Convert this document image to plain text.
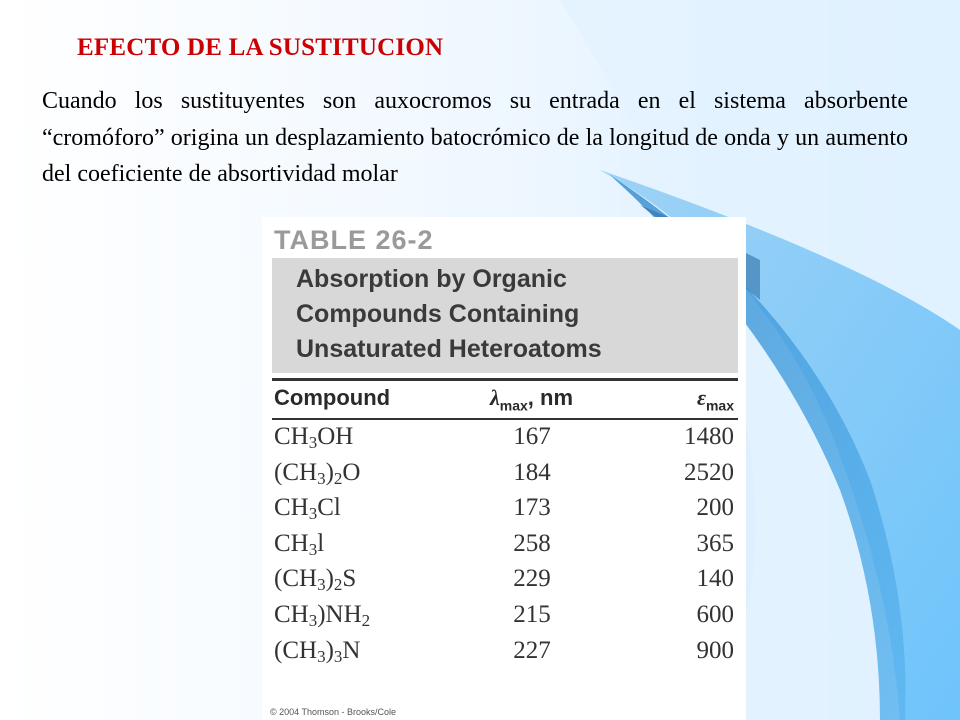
EFECTO DE LA SUSTITUCION
Cuando los sustituyentes son auxocromos su entrada en el sistema absorbente “cromóforo” origina un desplazamiento batocrómico de la longitud de onda y un aumento del coeficiente de absortividad molar
TABLE 26-2
Absorption by Organic
Compounds Containing
Unsaturated Heteroatoms
Compound	$\lambda_{max}$, nm	$\varepsilon_{max}$
$CH_3OH$	167	1480
$(CH_3)_2O$	184	2520
$CH_3Cl$	173	200
$CH_3l$	258	365
$(CH_3)_2S$	229	140
$CH_3)NH_2$	215	600
$(CH_3)_3N$	227	900
© 2004 Thomson - Brooks/Cole
